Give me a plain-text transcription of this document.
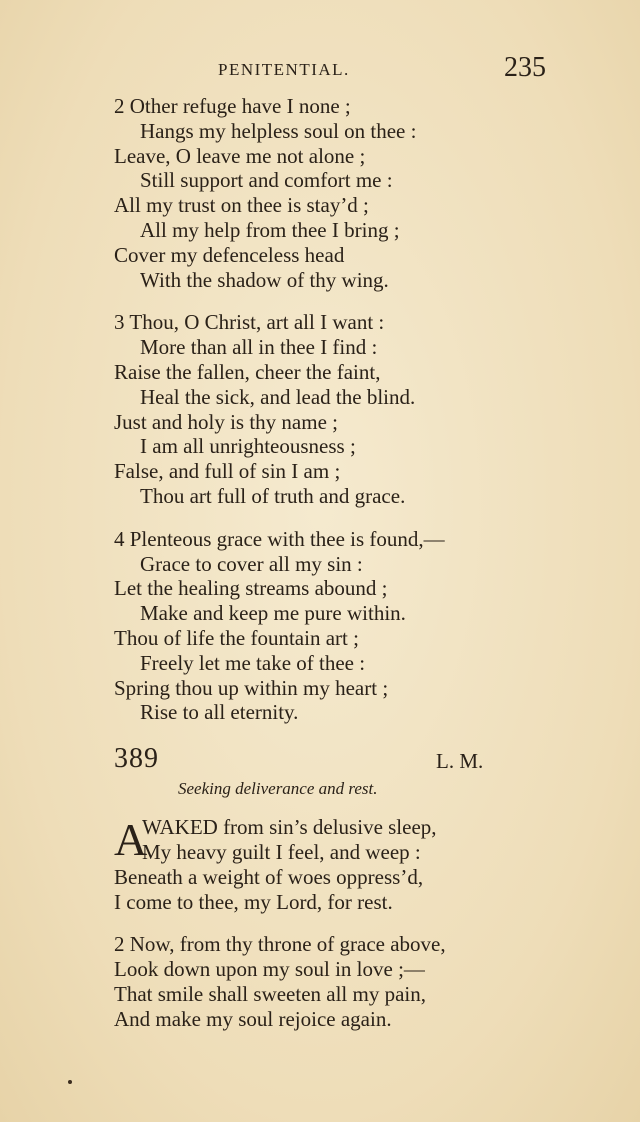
PENITENTIAL.	235
2 Other refuge have I none ;
Hangs my helpless soul on thee :
Leave, O leave me not alone ;
Still support and comfort me :
All my trust on thee is stay’d ;
All my help from thee I bring ;
Cover my defenceless head
With the shadow of thy wing.
3 Thou, O Christ, art all I want :
More than all in thee I find :
Raise the fallen, cheer the faint,
Heal the sick, and lead the blind.
Just and holy is thy name ;
I am all unrighteousness ;
False, and full of sin I am ;
Thou art full of truth and grace.
4 Plenteous grace with thee is found,—
Grace to cover all my sin :
Let the healing streams abound ;
Make and keep me pure within.
Thou of life the fountain art ;
Freely let me take of thee :
Spring thou up within my heart ;
Rise to all eternity.
389	L. M.
Seeking deliverance and rest.
A
WAKED from sin’s delusive sleep,
My heavy guilt I feel, and weep :
Beneath a weight of woes oppress’d,
I come to thee, my Lord, for rest.
2 Now, from thy throne of grace above,
Look down upon my soul in love ;—
That smile shall sweeten all my pain,
And make my soul rejoice again.
